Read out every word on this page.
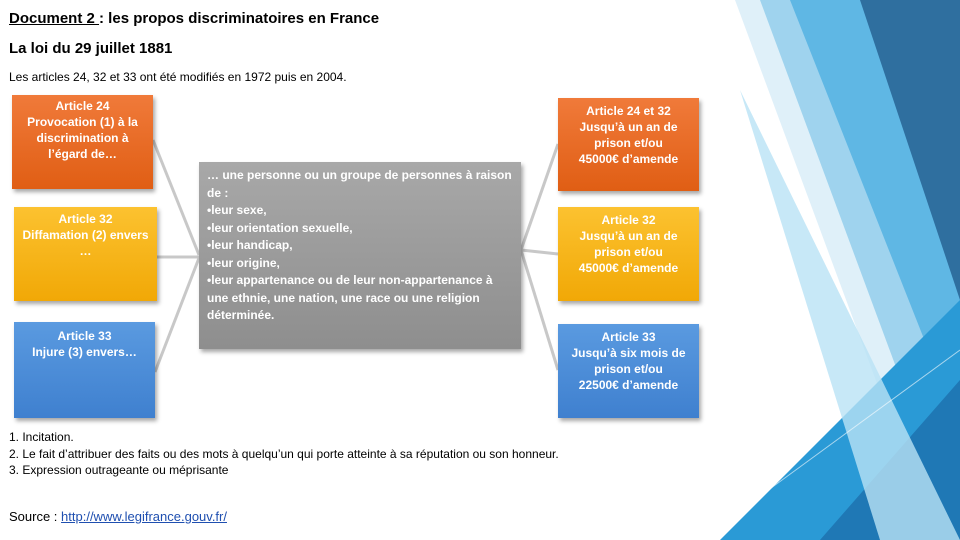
Document 2 : les propos discriminatoires en France
La loi du 29 juillet 1881
Les articles 24, 32 et 33 ont été modifiés en 1972 puis en 2004.
Article 24
Provocation (1) à la discrimination à l’égard de…
Article 32
Diffamation (2) envers …
Article 33
Injure (3) envers…
… une personne ou un groupe de personnes à raison de :
• leur sexe,
• leur orientation sexuelle,
• leur handicap,
• leur origine,
• leur appartenance ou de leur non-appartenance à une ethnie, une nation, une race ou une religion déterminée.
Article 24 et 32
Jusqu’à un an de prison et/ou
45000€ d’amende
Article 32
Jusqu’à un an de prison et/ou
45000€ d’amende
Article 33
Jusqu’à six mois de prison et/ou
22500€ d’amende
1. Incitation.
2. Le fait d’attribuer des faits ou des mots à quelqu’un qui porte atteinte à sa réputation ou son honneur.
3. Expression outrageante ou méprisante
Source : http://www.legifrance.gouv.fr/
